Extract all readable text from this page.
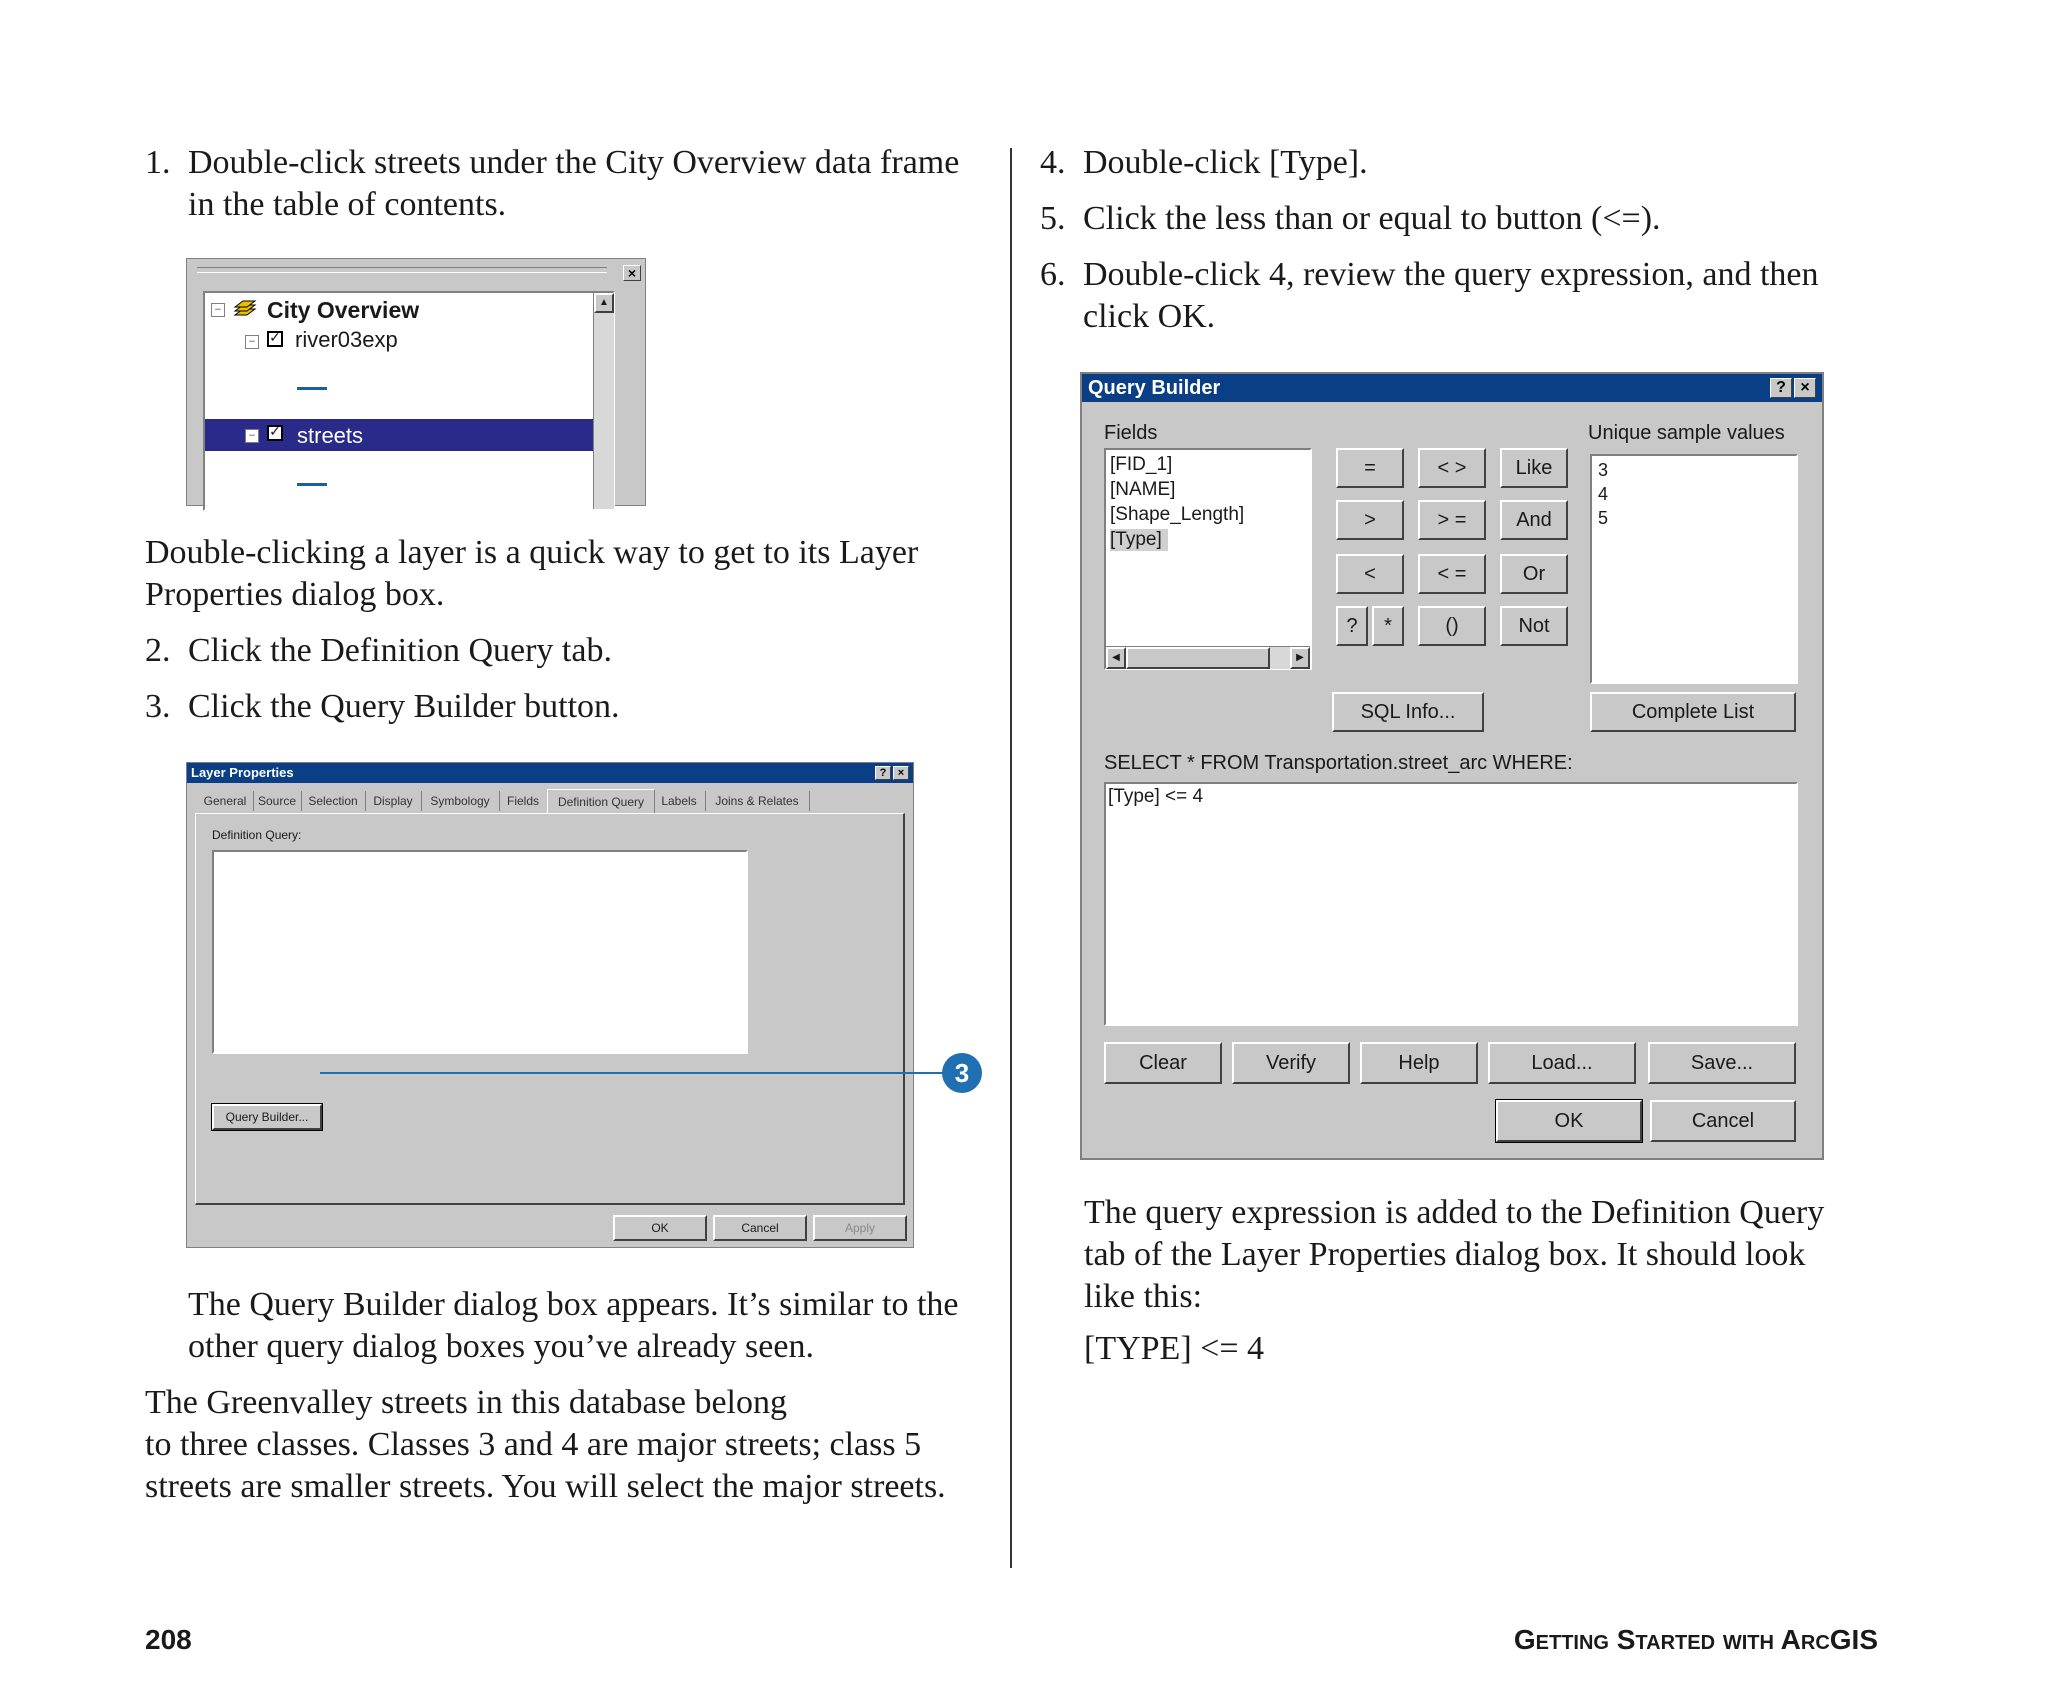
1. Double-click streets under the City Overview data frame
in the table of contents.
×
− City Overview
− ✓ river03exp
− ✓ streets
▲
Double-clicking a layer is a quick way to get to its Layer
Properties dialog box.
2. Click the Definition Query tab.
3. Click the Query Builder button.
Layer Properties	? ×
General Source	Selection	Display	Symbology	Fields	Definition Query	Labels	Joins & Relates
Definition Query:
Query Builder...
OK	Cancel	Apply
3
The Query Builder dialog box appears. It’s similar to the
other query dialog boxes you’ve already seen.
The Greenvalley streets in this database belong
to three classes. Classes 3 and 4 are major streets; class 5
streets are smaller streets. You will select the major streets.
4. Double-click [Type].
5. Click the less than or equal to button (<=).
6. Double-click 4, review the query expression, and then
click OK.
Query Builder	? ×
Fields
[FID_1]
[NAME]
[Shape_Length]
[Type]
◀	▶
=	< >	Like
>	> =	And
<	< =	Or
?	*	()	Not
SQL Info...
Unique sample values
3
4
5
Complete List
SELECT * FROM Transportation.street_arc WHERE:
[Type] <= 4
Clear	Verify	Help	Load...	Save...
OK	Cancel
The query expression is added to the Definition Query
tab of the Layer Properties dialog box. It should look
like this:
[TYPE] <= 4
208	Getting Started with ArcGIS
